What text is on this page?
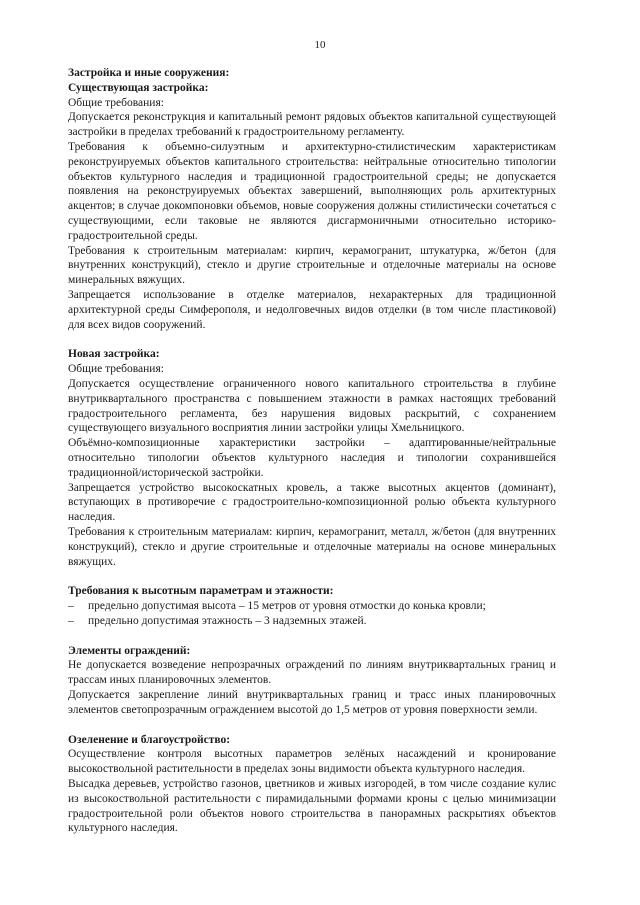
10

Застройка и иные сооружения:

Существующая застройка:

Общие требования:

Допускается реконструкция и капитальный ремонт рядовых объектов капитальной существующей застройки в пределах требований к градостроительному регламенту.

Требования к объемно-силуэтным и архитектурно-стилистическим характеристикам реконструируемых объектов капитального строительства: нейтральные относительно типологии объектов культурного наследия и традиционной градостроительной среды; не допускается появления на реконструируемых объектах завершений, выполняющих роль архитектурных акцентов; в случае докомпоновки объемов, новые сооружения должны стилистически сочетаться с существующими, если таковые не являются дисгармоничными относительно историко-градостроительной среды.

Требования к строительным материалам: кирпич, керамогранит, штукатурка, ж/бетон (для внутренних конструкций), стекло и другие строительные и отделочные материалы на основе минеральных вяжущих.

Запрещается использование в отделке материалов, нехарактерных для традиционной архитектурной среды Симферополя, и недолговечных видов отделки (в том числе пластиковой) для всех видов сооружений.

Новая застройка:

Общие требования:

Допускается осуществление ограниченного нового капитального строительства в глубине внутриквартального пространства с повышением этажности в рамках настоящих требований градостроительного регламента, без нарушения видовых раскрытий, с сохранением существующего визуального восприятия линии застройки улицы Хмельницкого.

Объёмно-композиционные характеристики застройки – адаптированные/нейтральные относительно типологии объектов культурного наследия и типологии сохранившейся традиционной/исторической застройки.

Запрещается устройство высокоскатных кровель, а также высотных акцентов (доминант), вступающих в противоречие с градостроительно-композиционной ролью объекта культурного наследия.

Требования к строительным материалам: кирпич, керамогранит, металл, ж/бетон (для внутренних конструкций), стекло и другие строительные и отделочные материалы на основе минеральных вяжущих.

Требования к высотным параметрам и этажности:

– предельно допустимая высота – 15 метров от уровня отмостки до конька кровли;
– предельно допустимая этажность – 3 надземных этажей.

Элементы ограждений:

Не допускается возведение непрозрачных ограждений по линиям внутриквартальных границ и трассам иных планировочных элементов.

Допускается закрепление линий внутриквартальных границ и трасс иных планировочных элементов светопрозрачным ограждением высотой до 1,5 метров от уровня поверхности земли.

Озеленение и благоустройство:

Осуществление контроля высотных параметров зелёных насаждений и кронирование высокоствольной растительности в пределах зоны видимости объекта культурного наследия.

Высадка деревьев, устройство газонов, цветников и живых изгородей, в том числе создание кулис из высокоствольной растительности с пирамидальными формами кроны с целью минимизации градостроительной роли объектов нового строительства в панорамных раскрытиях объектов культурного наследия.
